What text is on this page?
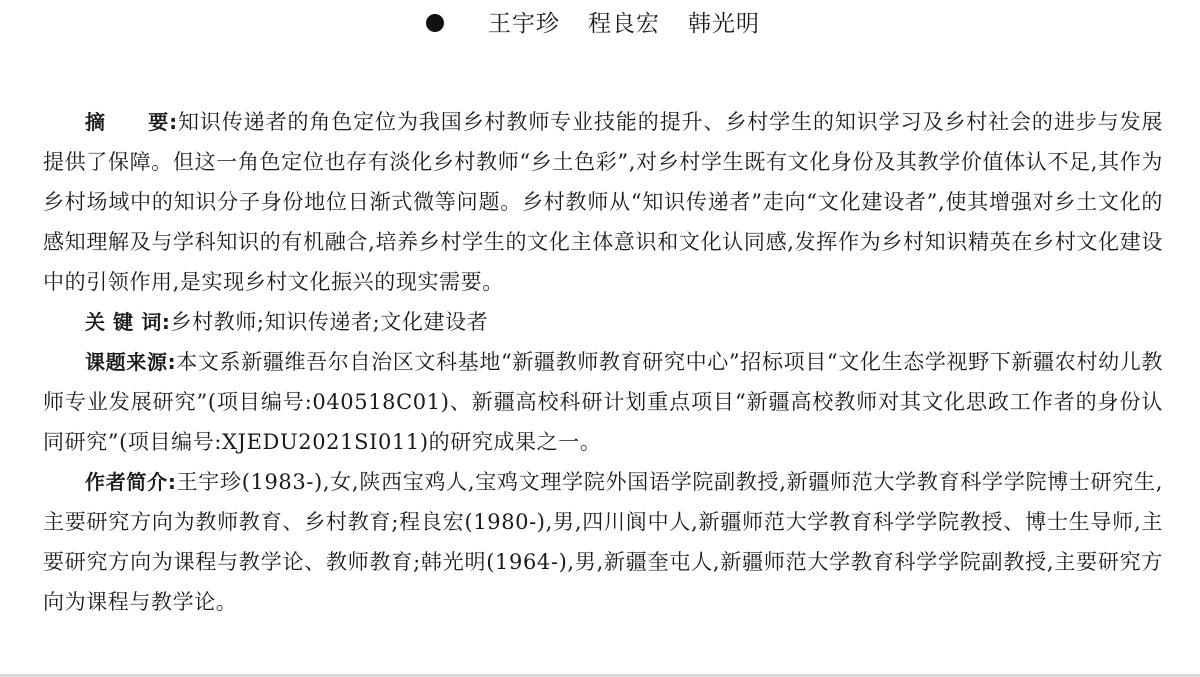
王宇珍 程良宏 韩光明

摘 要:知识传递者的角色定位为我国乡村教师专业技能的提升、乡村学生的知识学习及乡村社会的进步与发展提供了保障。但这一角色定位也存有淡化乡村教师“乡土色彩”,对乡村学生既有文化身份及其教学价值体认不足,其作为乡村场域中的知识分子身份地位日渐式微等问题。乡村教师从“知识传递者”走向“文化建设者”,使其增强对乡土文化的感知理解及与学科知识的有机融合,培养乡村学生的文化主体意识和文化认同感,发挥作为乡村知识精英在乡村文化建设中的引领作用,是实现乡村文化振兴的现实需要。

关 键 词:乡村教师;知识传递者;文化建设者

课题来源:本文系新疆维吾尔自治区文科基地“新疆教师教育研究中心”招标项目“文化生态学视野下新疆农村幼儿教师专业发展研究”(项目编号:040518C01)、新疆高校科研计划重点项目“新疆高校教师对其文化思政工作者的身份认同研究”(项目编号:XJEDU2021SI011)的研究成果之一。

作者简介:王宇珍(1983-),女,陕西宝鸡人,宝鸡文理学院外国语学院副教授,新疆师范大学教育科学学院博士研究生,主要研究方向为教师教育、乡村教育;程良宏(1980-),男,四川阆中人,新疆师范大学教育科学学院教授、博士生导师,主要研究方向为课程与教学论、教师教育;韩光明(1964-),男,新疆奎屯人,新疆师范大学教育科学学院副教授,主要研究方向为课程与教学论。
